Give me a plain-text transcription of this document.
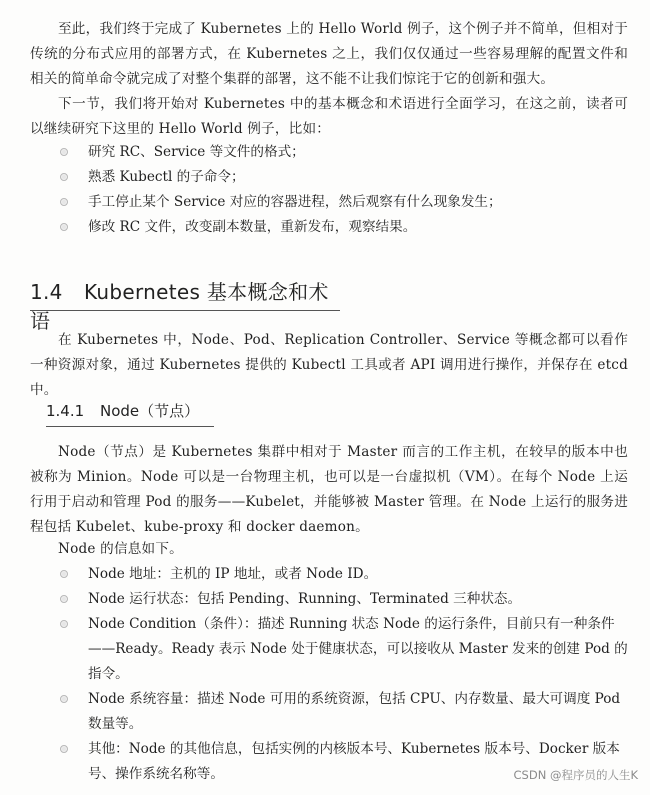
至此，我们终于完成了 Kubernetes 上的 Hello World 例子，这个例子并不简单，但相对于传统的分布式应用的部署方式，在 Kubernetes 之上，我们仅仅通过一些容易理解的配置文件和相关的简单命令就完成了对整个集群的部署，这不能不让我们惊诧于它的创新和强大。

下一节，我们将开始对 Kubernetes 中的基本概念和术语进行全面学习，在这之前，读者可以继续研究下这里的 Hello World 例子，比如：

研究 RC、Service 等文件的格式；
熟悉 Kubectl 的子命令；
手工停止某个 Service 对应的容器进程，然后观察有什么现象发生；
修改 RC 文件，改变副本数量，重新发布，观察结果。
1.4 Kubernetes 基本概念和术语

在 Kubernetes 中，Node、Pod、Replication Controller、Service 等概念都可以看作一种资源对象，通过 Kubernetes 提供的 Kubectl 工具或者 API 调用进行操作，并保存在 etcd 中。

1.4.1 Node（节点）

Node（节点）是 Kubernetes 集群中相对于 Master 而言的工作主机，在较早的版本中也被称为 Minion。Node 可以是一台物理主机，也可以是一台虚拟机（VM）。在每个 Node 上运行用于启动和管理 Pod 的服务——Kubelet，并能够被 Master 管理。在 Node 上运行的服务进程包括 Kubelet、kube-proxy 和 docker daemon。

Node 的信息如下。

Node 地址：主机的 IP 地址，或者 Node ID。
Node 运行状态：包括 Pending、Running、Terminated 三种状态。
Node Condition（条件）：描述 Running 状态 Node 的运行条件，目前只有一种条件——Ready。Ready 表示 Node 处于健康状态，可以接收从 Master 发来的创建 Pod 的指令。
Node 系统容量：描述 Node 可用的系统资源，包括 CPU、内存数量、最大可调度 Pod 数量等。
其他：Node 的其他信息，包括实例的内核版本号、Kubernetes 版本号、Docker 版本号、操作系统名称等。	CSDN @程序员的人生K
